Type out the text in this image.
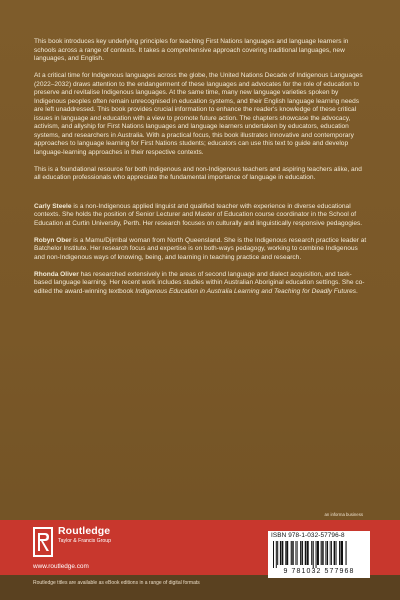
This book introduces key underlying principles for teaching First Nations languages and language learners in schools across a range of contexts. It takes a comprehensive approach covering traditional languages, new languages, and English.

At a critical time for Indigenous languages across the globe, the United Nations Decade of Indigenous Languages (2022–2032) draws attention to the endangerment of these languages and advocates for the role of education to preserve and revitalise Indigenous languages. At the same time, many new language varieties spoken by Indigenous peoples often remain unrecognised in education systems, and their English language learning needs are left unaddressed. This book provides crucial information to enhance the reader's knowledge of these critical issues in language and education with a view to promote future action. The chapters showcase the advocacy, activism, and allyship for First Nations languages and language learners undertaken by educators, education systems, and researchers in Australia. With a practical focus, this book illustrates innovative and contemporary approaches to language learning for First Nations students; educators can use this text to guide and develop language-learning approaches in their respective contexts.

This is a foundational resource for both Indigenous and non-Indigenous teachers and aspiring teachers alike, and all education professionals who appreciate the fundamental importance of language in education.

Carly Steele is a non-Indigenous applied linguist and qualified teacher with experience in diverse educational contexts. She holds the position of Senior Lecturer and Master of Education course coordinator in the School of Education at Curtin University, Perth. Her research focuses on culturally and linguistically responsive pedagogies.

Robyn Ober is a Mamu/Djirribal woman from North Queensland. She is the Indigenous research practice leader at Batchelor Institute. Her research focus and expertise is on both-ways pedagogy, working to combine Indigenous and non-Indigenous ways of knowing, being, and learning in teaching practice and research.

Rhonda Oliver has researched extensively in the areas of second language and dialect acquisition, and task-based language learning. Her recent work includes studies within Australian Aboriginal education settings. She co-edited the award-winning textbook Indigenous Education in Australia Learning and Teaching for Deadly Futures.

an informa business
Routledge
Taylor & Francis Group
www.routledge.com
Routledge titles are available as eBook editions in a range of digital formats
ISBN 978-1-032-57796-8
9 781032 577968
